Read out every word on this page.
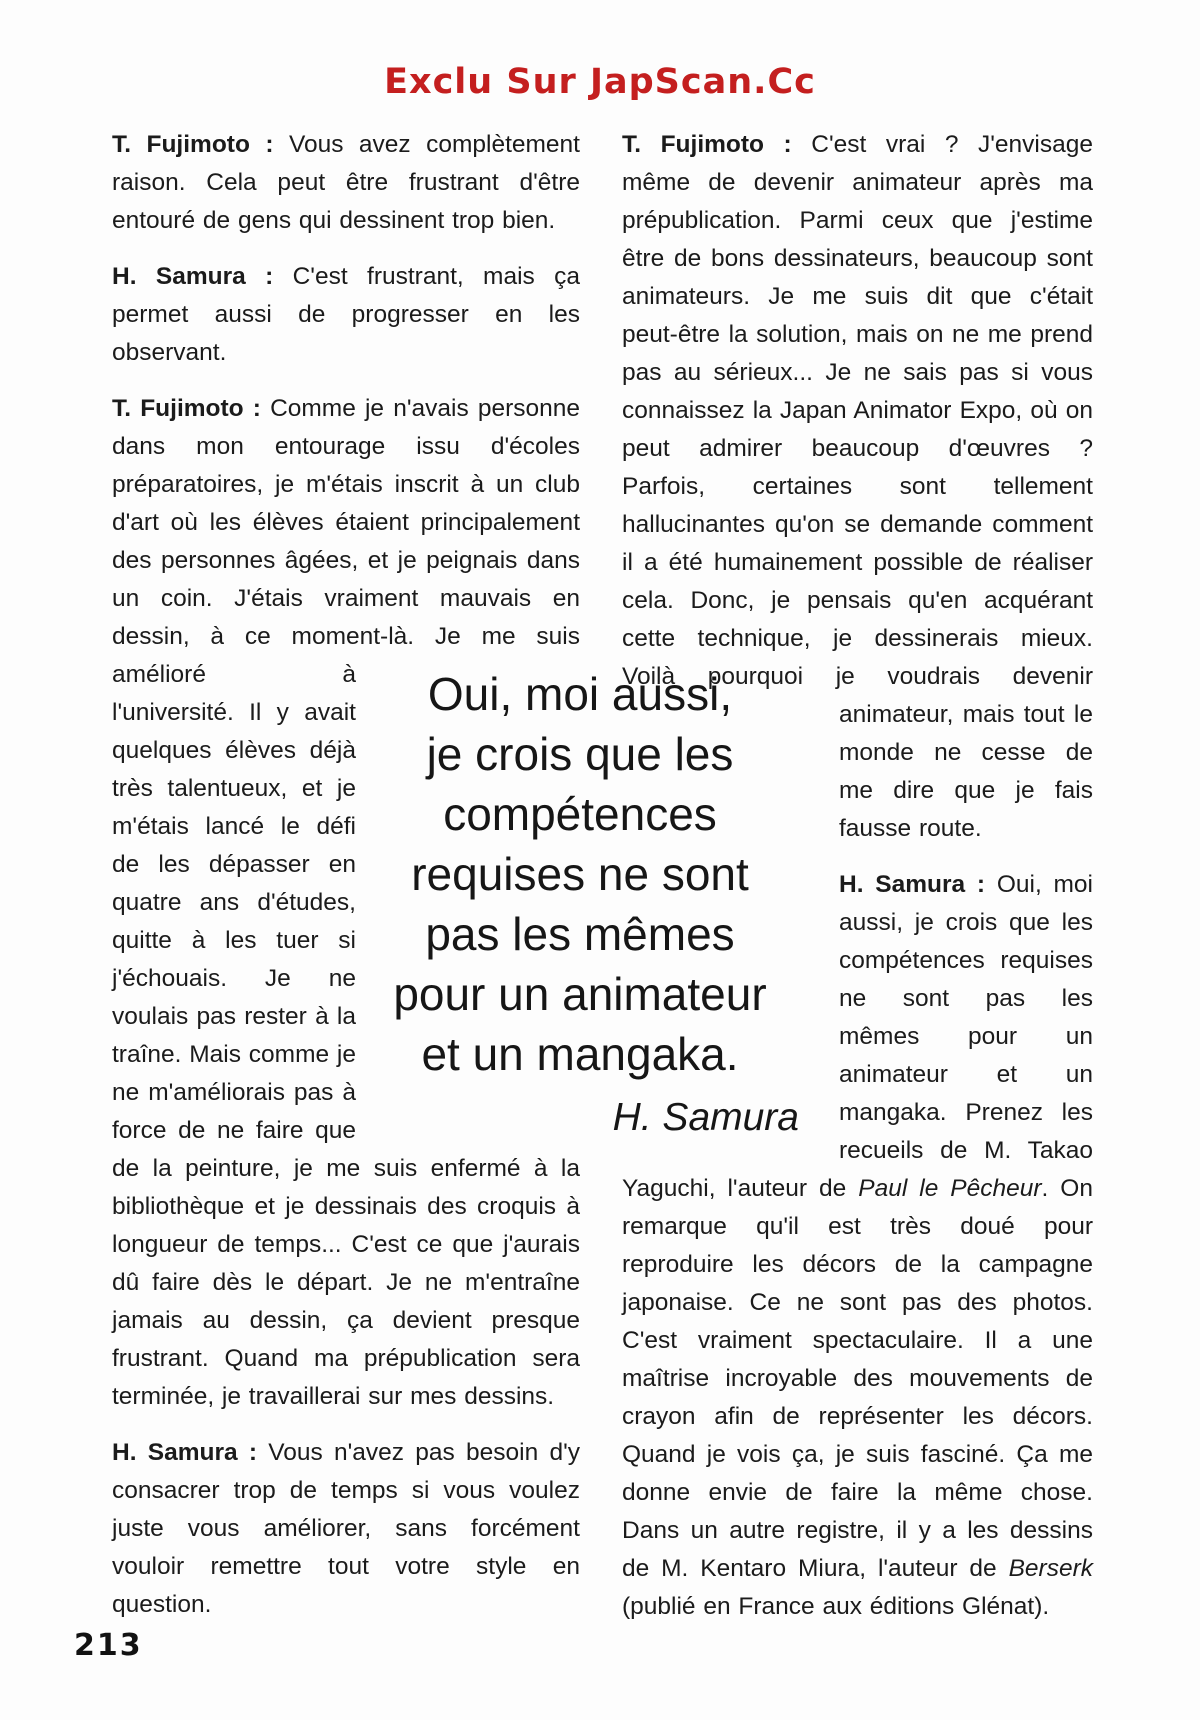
Exclu Sur JapScan.Cc

T. Fujimoto : Vous avez complètement raison. Cela peut être frustrant d'être entouré de gens qui dessinent trop bien.

H. Samura : C'est frustrant, mais ça permet aussi de progresser en les observant.

T. Fujimoto : Comme je n'avais personne dans mon entourage issu d'écoles préparatoires, je m'étais inscrit à un club d'art où les élèves étaient principalement des personnes âgées, et je peignais dans un coin. J'étais vraiment mauvais en dessin, à ce moment-là. Je me suis amélioré à l'université. Il y avait quelques élèves déjà très talentueux, et je m'étais lancé le défi de les dépasser en quatre ans d'études, quitte à les tuer si j'échouais. Je ne voulais pas rester à la traîne. Mais comme je ne m'améliorais pas à force de ne faire que de la peinture, je me suis enfermé à la bibliothèque et je dessinais des croquis à longueur de temps... C'est ce que j'aurais dû faire dès le départ. Je ne m'entraîne jamais au dessin, ça devient presque frustrant. Quand ma prépublication sera terminée, je travaillerai sur mes dessins.

H. Samura : Vous n'avez pas besoin d'y consacrer trop de temps si vous voulez juste vous améliorer, sans forcément vouloir remettre tout votre style en question.

T. Fujimoto : C'est vrai ? J'envisage même de devenir animateur après ma prépublication. Parmi ceux que j'estime être de bons dessinateurs, beaucoup sont animateurs. Je me suis dit que c'était peut-être la solution, mais on ne me prend pas au sérieux... Je ne sais pas si vous connaissez la Japan Animator Expo, où on peut admirer beaucoup d'œuvres ? Parfois, certaines sont tellement hallucinantes qu'on se demande comment il a été humainement possible de réaliser cela. Donc, je pensais qu'en acquérant cette technique, je dessinerais mieux. Voilà pourquoi je voudrais devenir animateur, mais tout le monde ne cesse de me dire que je fais fausse route.

H. Samura : Oui, moi aussi, je crois que les compétences requises ne sont pas les mêmes pour un animateur et un mangaka. Prenez les recueils de M. Takao Yaguchi, l'auteur de Paul le Pêcheur. On remarque qu'il est très doué pour reproduire les décors de la campagne japonaise. Ce ne sont pas des photos. C'est vraiment spectaculaire. Il a une maîtrise incroyable des mouvements de crayon afin de représenter les décors. Quand je vois ça, je suis fasciné. Ça me donne envie de faire la même chose. Dans un autre registre, il y a les dessins de M. Kentaro Miura, l'auteur de Berserk (publié en France aux éditions Glénat).

Oui, moi aussi,
je crois que les
compétences
requises ne sont
pas les mêmes
pour un animateur
et un mangaka.
H. Samura
213
